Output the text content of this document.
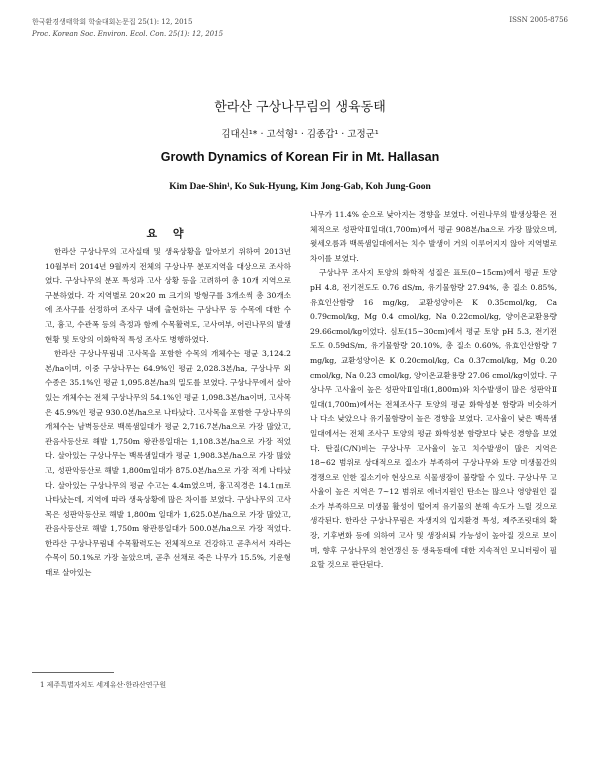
한국환경생태학회 학술대회논문집 25(1): 12, 2015
Proc. Korean Soc. Environ. Ecol. Con. 25(1): 12, 2015
ISSN 2005-8756
한라산 구상나무림의 생육동태
김대신¹* · 고석형¹ · 김종갑¹ · 고정군¹
Growth Dynamics of Korean Fir in Mt. Hallasan
Kim Dae-Shin¹, Ko Suk-Hyung, Kim Jong-Gab, Koh Jung-Goon
요 약

한라산 구상나무의 고사실태 및 생육상황을 알아보기 위하여 2013년 10월부터 2014년 9월까지 전체의 구상나무 분포지역을 대상으로 조사하였다. 구상나무의 분포 특성과 고사 상황 등을 고려하여 총 10개 지역으로 구분하였다. 각 지역별로 20×20 m 크기의 방형구를 3개소씩 총 30개소에 조사구를 선정하여 조사구 내에 출현하는 구상나무 등 수목에 대한 수고, 흉고, 수관폭 등의 측정과 함께 수목활력도, 고사여부, 어린나무의 발생현황 및 토양의 이화학적 특성 조사도 병행하였다.

한라산 구상나무림내 고사목을 포함한 수목의 개체수는 평균 3,124.2본/ha이며, 이중 구상나무는 64.9%인 평균 2,028.3본/ha, 구상나무 외 수종은 35.1%인 평균 1,095.8본/ha의 밀도를 보였다. 구상나무에서 살아있는 개체수는 전체 구상나무의 54.1%인 평균 1,098.3본/ha이며, 고사목은 45.9%인 평균 930.0본/ha으로 나타났다. 고사목을 포함한 구상나무의 개체수는 남벽등산로 백록샘일대가 평균 2,716.7본/ha으로 가장 많았고, 관음사등산로 해발 1,750m 왕관릉일대는 1,108.3본/ha으로 가장 적었다. 살아있는 구상나무는 백록샘일대가 평균 1,908.3본/ha으로 가장 많았고, 성판악등산로 해발 1,800m일대가 875.0본/ha으로 가장 적게 나타났다. 살아있는 구상나무의 평균 수고는 4.4m였으며, 흉고직경은 14.1㎝로 나타났는데, 지역에 따라 생육상황에 많은 차이를 보였다. 구상나무의 고사목은 성판악등산로 해발 1,800m 일대가 1,625.0본/ha으로 가장 많았고, 관음사등산로 해발 1,750m 왕관릉일대가 500.0본/ha으로 가장 적었다. 한라산 구상나무림내 수목활력도는 전체적으로 건강하고 곧추서서 자라는 수목이 50.1%로 가장 높았으며, 곧추 선채로 죽은 나무가 15.5%, 기운형태로 살아있는

나무가 11.4% 순으로 낮아지는 경향을 보였다. 어린나무의 발생상황은 전체적으로 성판악Ⅱ일대(1,700m)에서 평균 908본/ha으로 가장 많았으며, 윗세오름과 백록샘일대에서는 치수 발생이 거의 이루어지지 않아 지역별로 차이를 보였다.

구상나무 조사지 토양의 화학적 성질은 표토(0~15cm)에서 평균 토양 pH 4.8, 전기전도도 0.76 dS/m, 유기물함량 27.94%, 총 질소 0.85%, 유효인산함량 16 mg/kg, 교환성양이온 K 0.35cmol/kg, Ca 0.79cmol/kg, Mg 0.4 cmol/kg, Na 0.22cmol/kg, 양이온교환용량 29.66cmol/kg이었다. 심토(15~30cm)에서 평균 토양 pH 5.3, 전기전도도 0.59dS/m, 유기물함량 20.10%, 총 질소 0.60%, 유효인산함량 7 mg/kg, 교환성양이온 K 0.20cmol/kg, Ca 0.37cmol/kg, Mg 0.20 cmol/kg, Na 0.23 cmol/kg, 양이온교환용량 27.06 cmol/kg이었다. 구상나무 고사율이 높은 성판악Ⅱ일대(1,800m)와 치수발생이 많은 성판악Ⅱ일대(1,700m)에서는 전체조사구 토양의 평균 화학성분 함량과 비슷하거나 다소 낮았으나 유기물함량이 높은 경향을 보였다. 고사율이 낮은 백록샘일대에서는 전체 조사구 토양의 평균 화학성분 함량보다 낮은 경향을 보였다. 탄질(C/N)비는 구상나무 고사율이 높고 치수발생이 많은 지역은 18~62 범위로 상대적으로 질소가 부족하여 구상나무와 토양 미생물간의 경쟁으로 인한 질소기아 현상으로 식물생장이 불량할 수 있다. 구상나무 고사율이 높은 지역은 7~12 범위로 에너지원인 탄소는 많으나 영양원인 질소가 부족하므로 미생물 활성이 떨어져 유기물의 분해 속도가 느릴 것으로 생각된다. 한라산 구상나무림은 자생지의 입지환경 특성, 제주조릿대의 확장, 기후변화 등에 의하여 고사 및 생장쇠퇴 가능성이 높아질 것으로 보이며, 향후 구상나무의 천연갱신 등 생육동태에 대한 지속적인 모니터링이 필요할 것으로 판단된다.

1 제주특별자치도 세계유산·한라산연구원
